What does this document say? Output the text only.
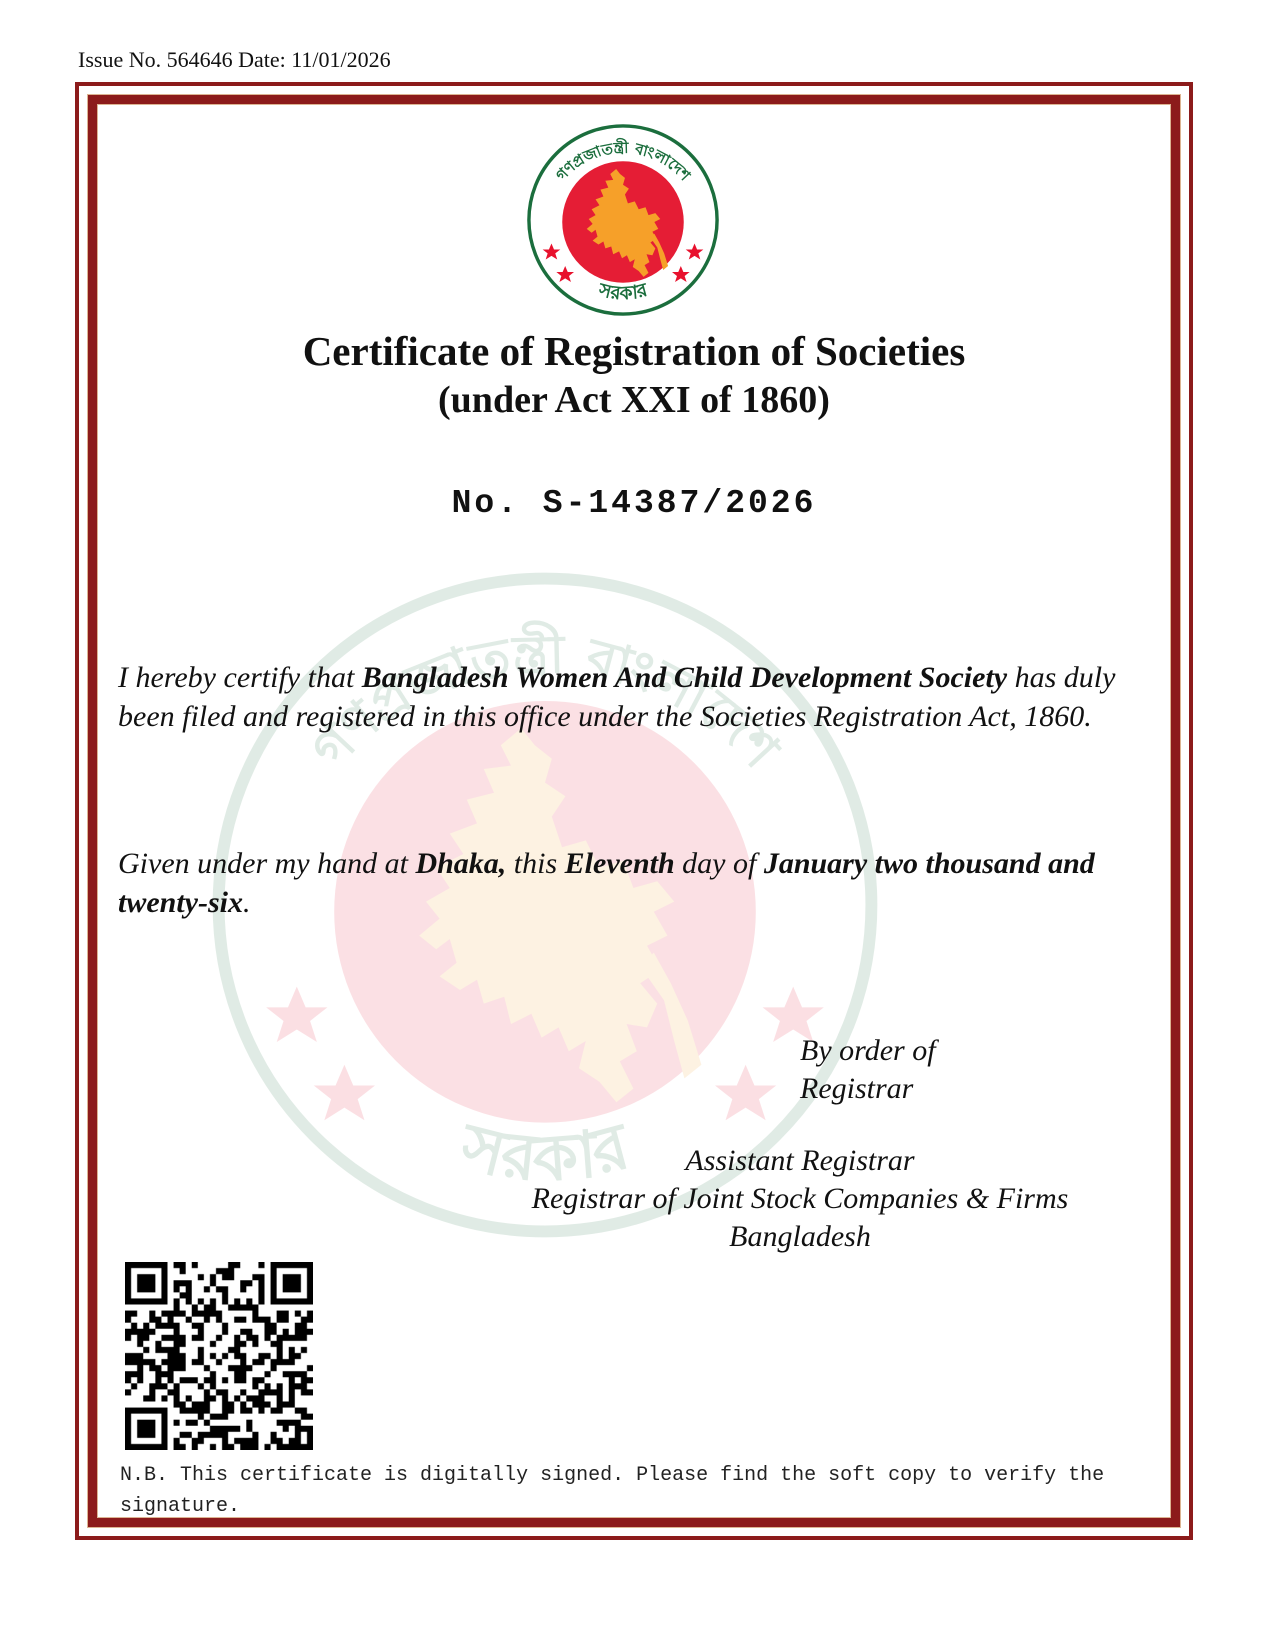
Issue No. 564646 Date: 11/01/2026
Certificate of Registration of Societies
(under Act XXI of 1860)
No. S-14387/2026
I hereby certify that Bangladesh Women And Child Development Society has duly been filed and registered in this office under the Societies Registration Act, 1860.
Given under my hand at Dhaka, this Eleventh day of January two thousand and twenty-six.
By order of
Registrar
Assistant Registrar
Registrar of Joint Stock Companies & Firms
Bangladesh
N.B. This certificate is digitally signed. Please find the soft copy to verify the signature.
